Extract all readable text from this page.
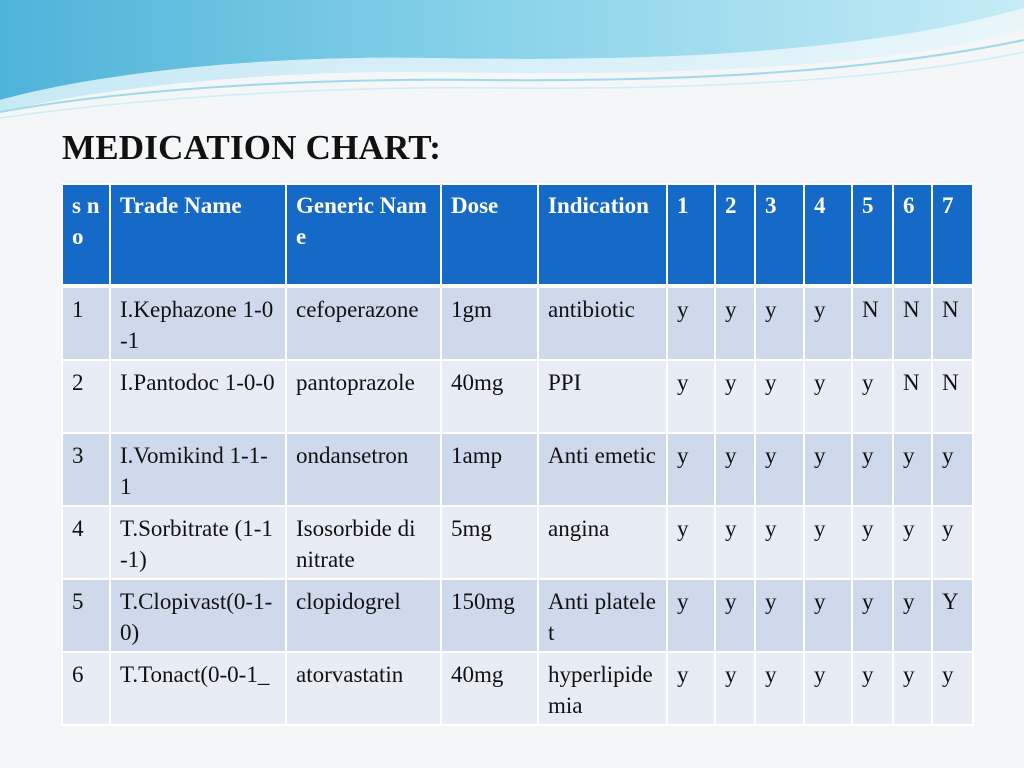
MEDICATION CHART:
s n o	Trade Name	Generic Name	Dose	Indication	1	2	3	4	5	6	7
1	I.Kephazone 1-0-1	cefoperazone	1gm	antibiotic	y	y	y	y	N	N	N
2	I.Pantodoc 1-0-0	pantoprazole	40mg	PPI	y	y	y	y	y	N	N
3	I.Vomikind 1-1-1	ondansetron	1amp	Anti emetic	y	y	y	y	y	y	y
4	T.Sorbitrate (1-1-1)	Isosorbide di nitrate	5mg	angina	y	y	y	y	y	y	y
5	T.Clopivast(0-1-0)	clopidogrel	150mg	Anti platelet	y	y	y	y	y	y	Y
6	T.Tonact(0-0-1_	atorvastatin	40mg	hyperlipidemia	y	y	y	y	y	y	y
